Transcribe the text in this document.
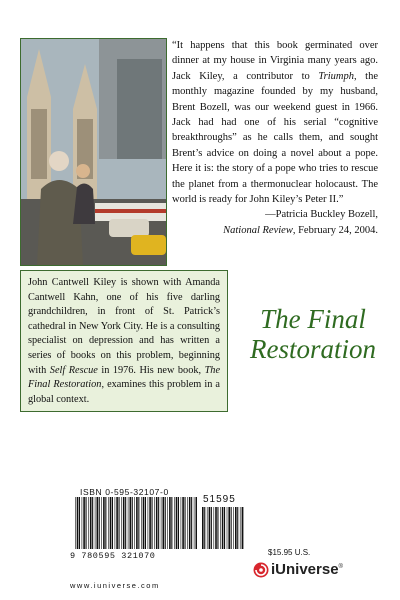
“It happens that this book germinated over dinner at my house in Virginia many years ago. Jack Kiley, a contributor to Triumph, the monthly magazine founded by my husband, Brent Bozell, was our weekend guest in 1966. Jack had had one of his serial “cognitive breakthroughs” as he calls them, and sought Brent’s advice on doing a novel about a pope. Here it is: the story of a pope who tries to rescue the planet from a thermonuclear holocaust. The world is ready for John Kiley’s Peter II.”

—Patricia Buckley Bozell,

National Review, February 24, 2004.

John Cantwell Kiley is shown with Amanda Cantwell Kahn, one of his five darling grandchildren, in front of St. Patrick’s cathedral in New York City. He is a consulting specialist on depression and has written a series of books on this problem, beginning with Self Rescue in 1976. His new book, The Final Restoration, examines this problem in a global context.

The Final
Restoration
ISBN 0-595-32107-0
51595
9 780595 321070
www.iuniverse.com
$15.95 U.S.
iUniverse®
